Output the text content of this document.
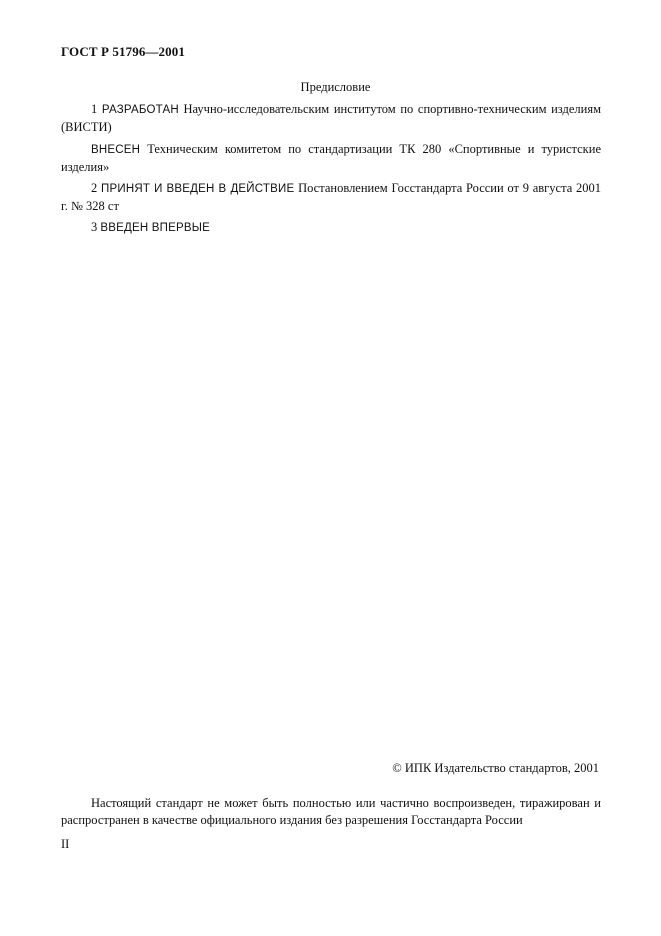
ГОСТ Р 51796—2001
Предисловие
1 РАЗРАБОТАН Научно-исследовательским институтом по спортивно-техническим изделиям (ВИСТИ)
ВНЕСЕН Техническим комитетом по стандартизации ТК 280 «Спортивные и туристские изделия»
2 ПРИНЯТ И ВВЕДЕН В ДЕЙСТВИЕ Постановлением Госстандарта России от 9 августа 2001 г. № 328 ст
3 ВВЕДЕН ВПЕРВЫЕ
© ИПК Издательство стандартов, 2001
Настоящий стандарт не может быть полностью или частично воспроизведен, тиражирован и распространен в качестве официального издания без разрешения Госстандарта России
II
